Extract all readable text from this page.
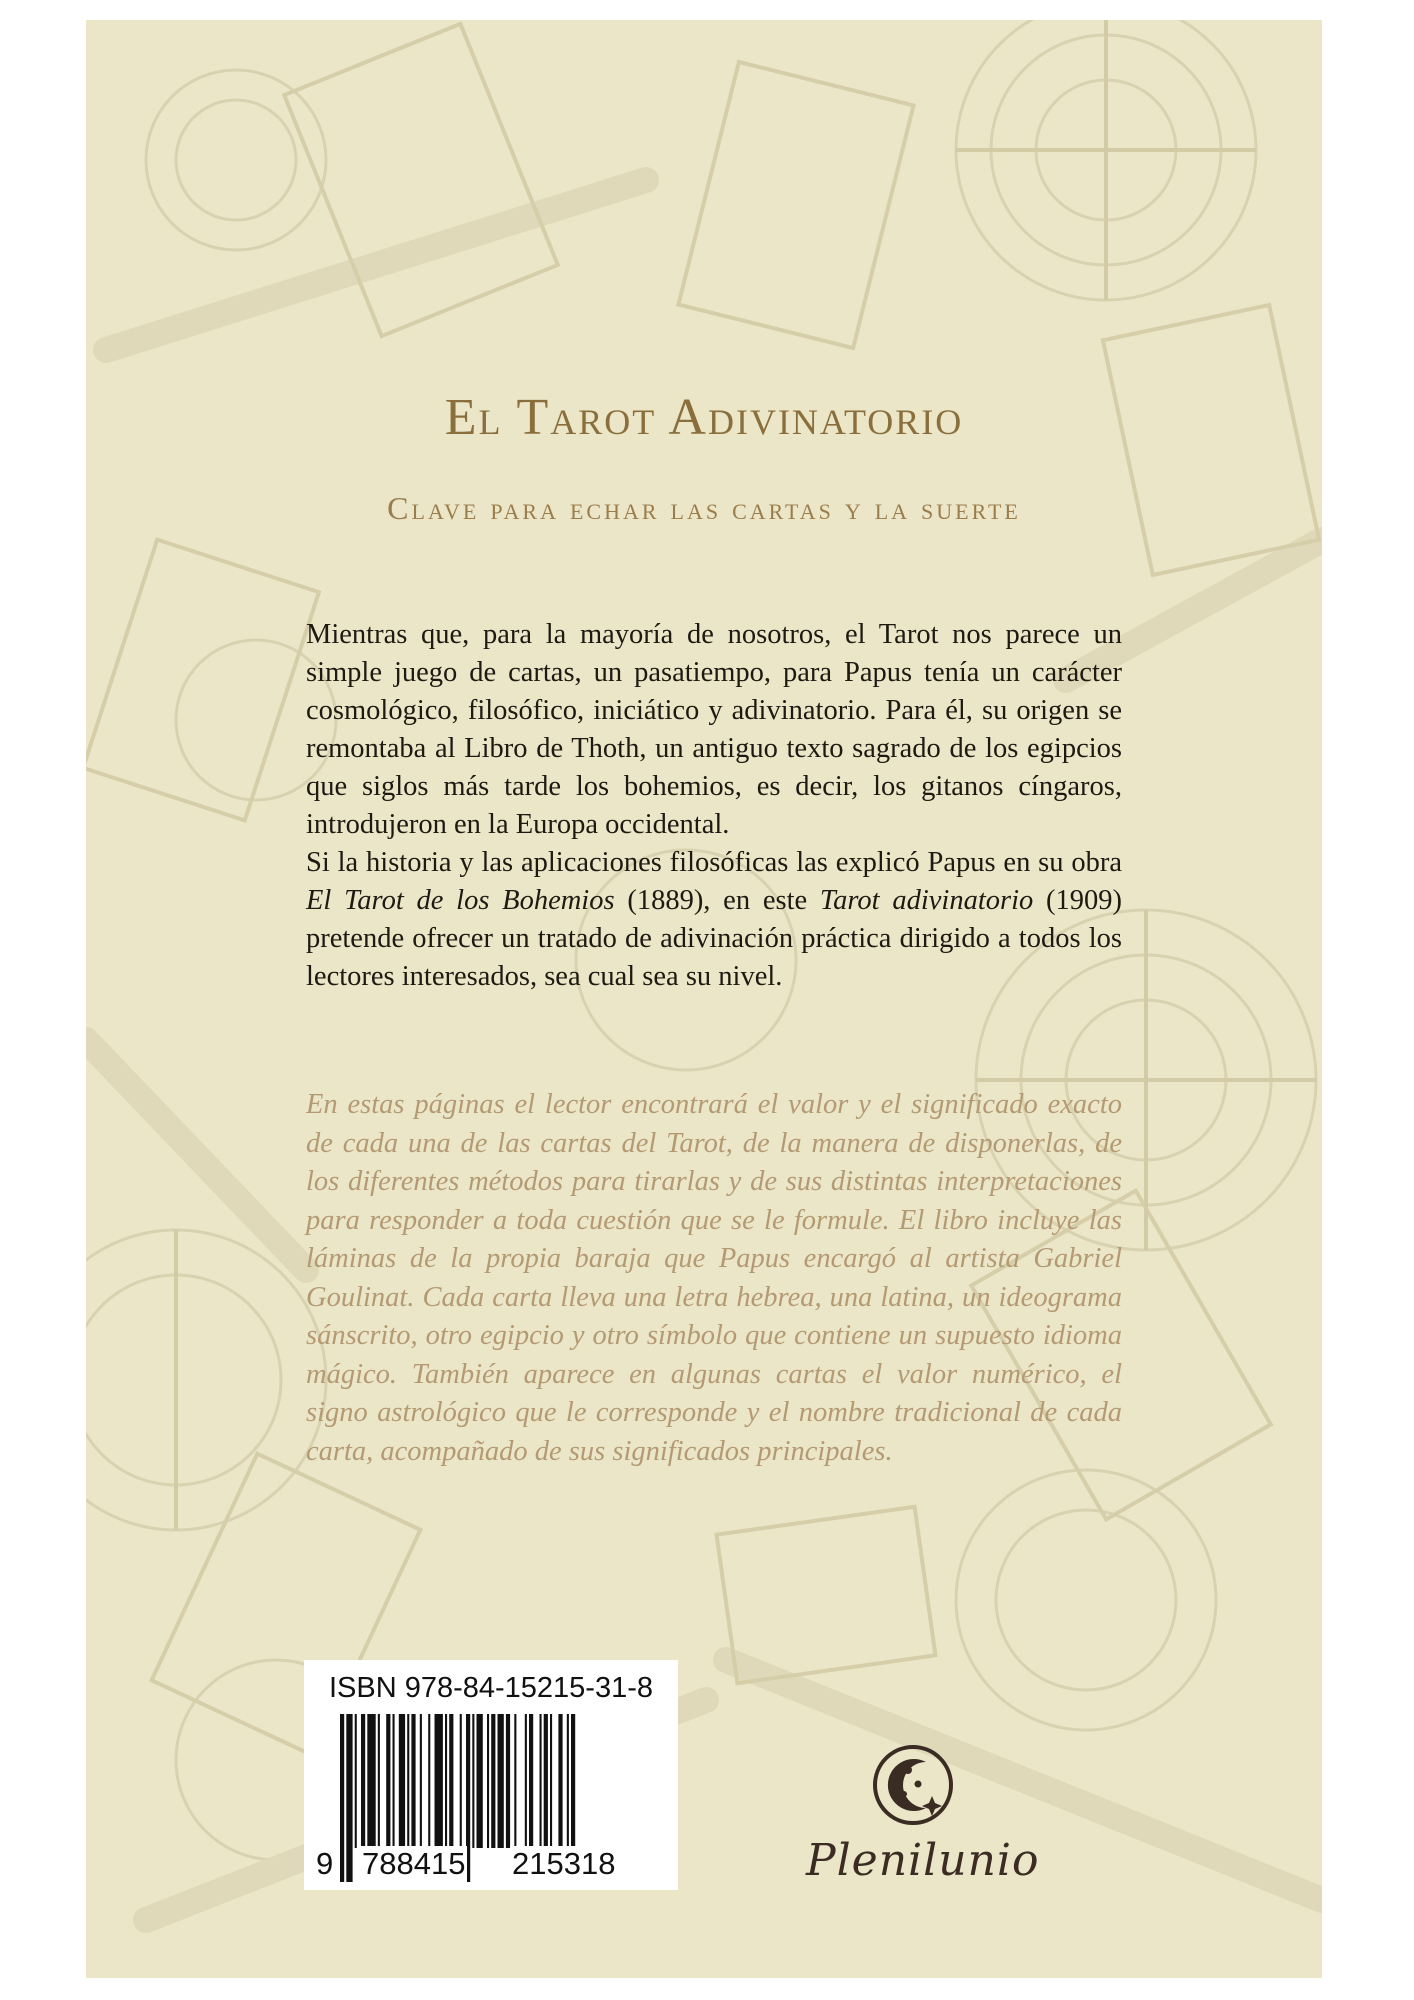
El Tarot Adivinatorio
Clave para echar las cartas y la suerte

Mientras que, para la mayoría de nosotros, el Tarot nos parece un simple juego de cartas, un pasatiempo, para Papus tenía un carácter cosmológico, filosófico, iniciático y adivinatorio. Para él, su origen se remontaba al Libro de Thoth, un antiguo texto sagrado de los egipcios que siglos más tarde los bohemios, es decir, los gitanos cíngaros, introdujeron en la Europa occidental.

Si la historia y las aplicaciones filosóficas las explicó Papus en su obra El Tarot de los Bohemios (1889), en este Tarot adivinatorio (1909) pretende ofrecer un tratado de adivinación práctica dirigido a todos los lectores interesados, sea cual sea su nivel.

En estas páginas el lector encontrará el valor y el significado exacto de cada una de las cartas del Tarot, de la manera de disponerlas, de los diferentes métodos para tirarlas y de sus distintas interpretaciones para responder a toda cuestión que se le formule. El libro incluye las láminas de la propia baraja que Papus encargó al artista Gabriel Goulinat. Cada carta lleva una letra hebrea, una latina, un ideograma sánscrito, otro egipcio y otro símbolo que contiene un supuesto idioma mágico. También aparece en algunas cartas el valor numérico, el signo astrológico que le corresponde y el nombre tradicional de cada carta, acompañado de sus significados principales.

ISBN 978-84-15215-31-8
9 788415 215318	Plenilunio
